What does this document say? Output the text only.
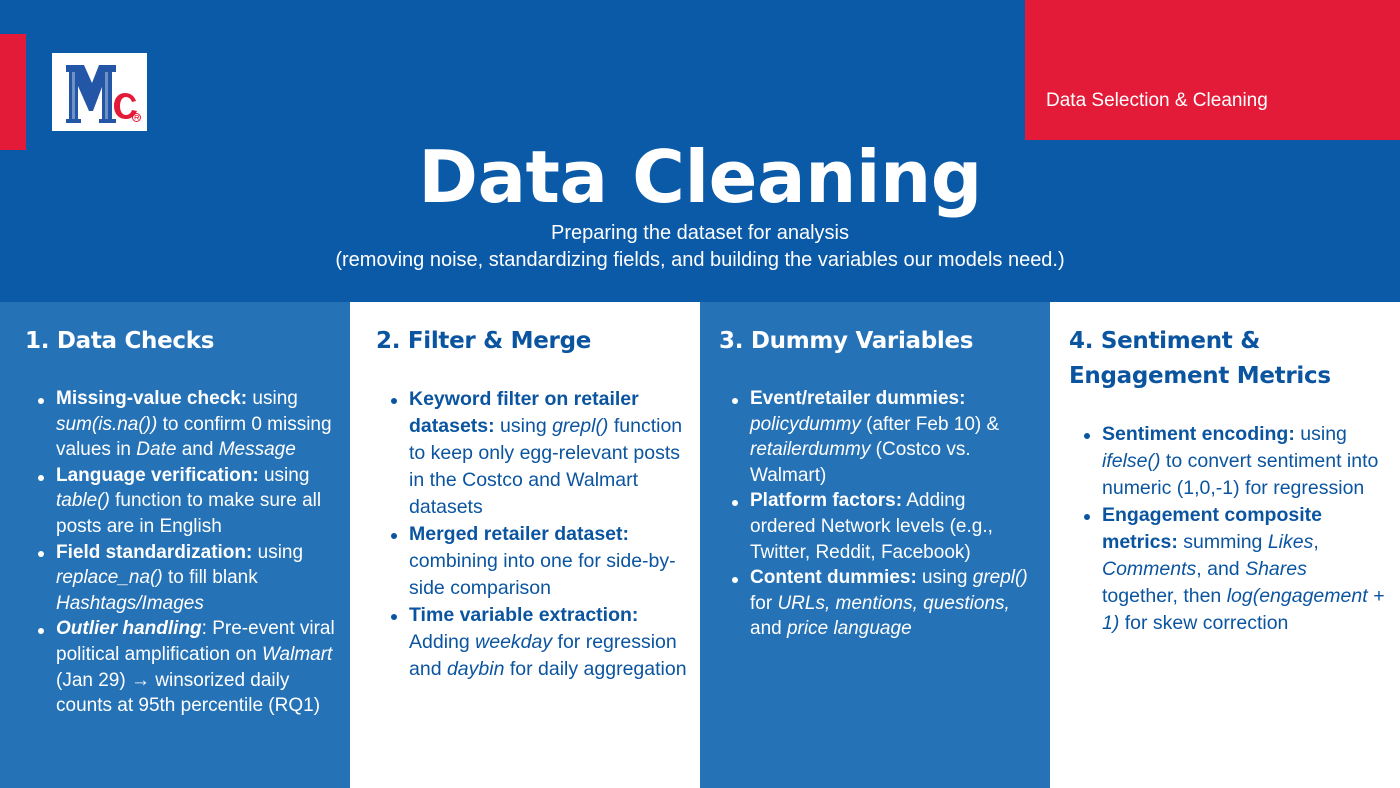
Data Selection & Cleaning
Data Cleaning
Preparing the dataset for analysis
(removing noise, standardizing fields, and building the variables our models need.)
1. Data Checks
Missing-value check: using sum(is.na()) to confirm 0 missing values in Date and Message
Language verification: using table() function to make sure all posts are in English
Field standardization: using replace_na() to fill blank Hashtags/Images
Outlier handling: Pre-event viral political amplification on Walmart (Jan 29) → winsorized daily counts at 95th percentile (RQ1)
2. Filter & Merge
Keyword filter on retailer datasets: using grepl() function to keep only egg-relevant posts in the Costco and Walmart datasets
Merged retailer dataset: combining into one for side-by-side comparison
Time variable extraction: Adding weekday for regression and daybin for daily aggregation
3. Dummy Variables
Event/retailer dummies:
policydummy (after Feb 10) & retailerdummy (Costco vs. Walmart)
Platform factors: Adding ordered Network levels (e.g., Twitter, Reddit, Facebook)
Content dummies: using grepl() for URLs, mentions, questions, and price language
4. Sentiment &
Engagement Metrics
Sentiment encoding: using ifelse() to convert sentiment into numeric (1,0,-1) for regression
Engagement composite metrics: summing Likes, Comments, and Shares together, then log(engagement + 1) for skew correction
